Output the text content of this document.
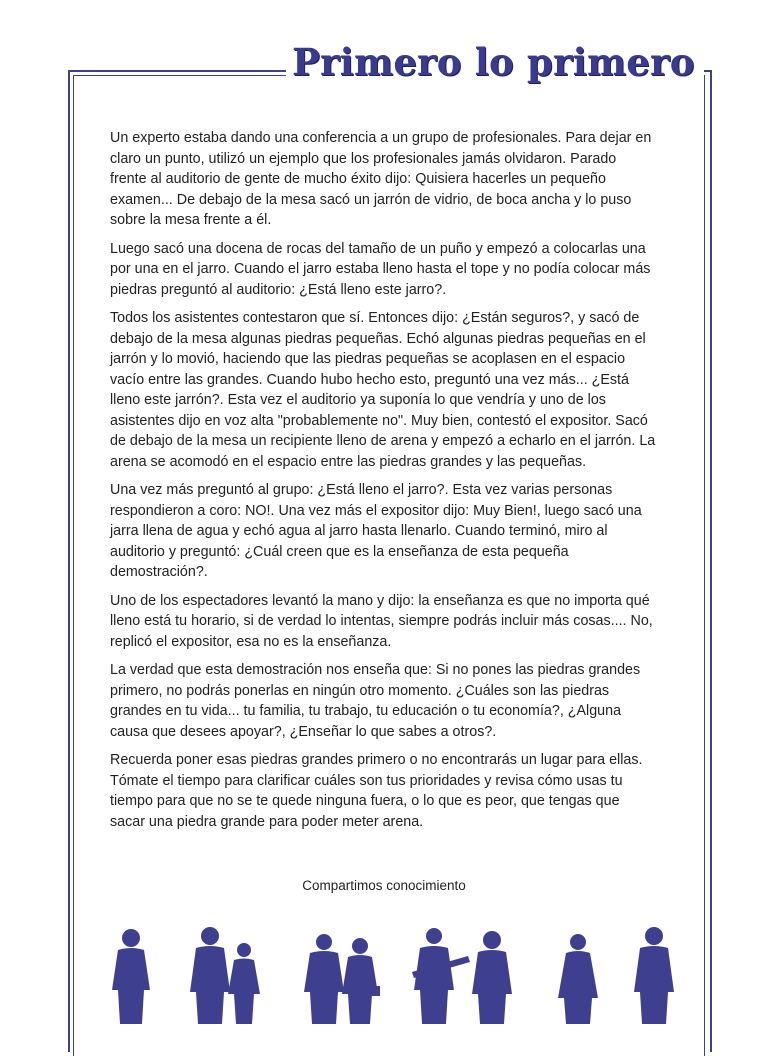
Primero lo primero

Un experto estaba dando una conferencia a un grupo de profesionales. Para dejar en claro un punto, utilizó un ejemplo que los profesionales jamás olvidaron. Parado frente al auditorio de gente de mucho éxito dijo: Quisiera hacerles un pequeño examen... De debajo de la mesa sacó un jarrón de vidrio, de boca ancha y lo puso sobre la mesa frente a él.

Luego sacó una docena de rocas del tamaño de un puño y empezó a colocarlas una por una en el jarro. Cuando el jarro estaba lleno hasta el tope y no podía colocar más piedras preguntó al auditorio: ¿Está lleno este jarro?.

Todos los asistentes contestaron que sí. Entonces dijo: ¿Están seguros?, y sacó de debajo de la mesa algunas piedras pequeñas. Echó algunas piedras pequeñas en el jarrón y lo movió, haciendo que las piedras pequeñas se acoplasen en el espacio vacío entre las grandes. Cuando hubo hecho esto, preguntó una vez más... ¿Está lleno este jarrón?. Esta vez el auditorio ya suponía lo que vendría y uno de los asistentes dijo en voz alta "probablemente no". Muy bien, contestó el expositor. Sacó de debajo de la mesa un recipiente lleno de arena y empezó a echarlo en el jarrón. La arena se acomodó en el espacio entre las piedras grandes y las pequeñas.

Una vez más preguntó al grupo: ¿Está lleno el jarro?. Esta vez varias personas respondieron a coro: NO!. Una vez más el expositor dijo: Muy Bien!, luego sacó una jarra llena de agua y echó agua al jarro hasta llenarlo. Cuando terminó, miro al auditorio y preguntó: ¿Cuál creen que es la enseñanza de esta pequeña demostración?.

Uno de los espectadores levantó la mano y dijo: la enseñanza es que no importa qué lleno está tu horario, si de verdad lo intentas, siempre podrás incluir más cosas.... No, replicó el expositor, esa no es la enseñanza.

La verdad que esta demostración nos enseña que: Si no pones las piedras grandes primero, no podrás ponerlas en ningún otro momento. ¿Cuáles son las piedras grandes en tu vida... tu familia, tu trabajo, tu educación o tu economía?, ¿Alguna causa que desees apoyar?, ¿Enseñar lo que sabes a otros?.

Recuerda poner esas piedras grandes primero o no encontrarás un lugar para ellas. Tómate el tiempo para clarificar cuáles son tus prioridades y revisa cómo usas tu tiempo para que no se te quede ninguna fuera, o lo que es peor, que tengas que sacar una piedra grande para poder meter arena.

Compartimos conocimiento
